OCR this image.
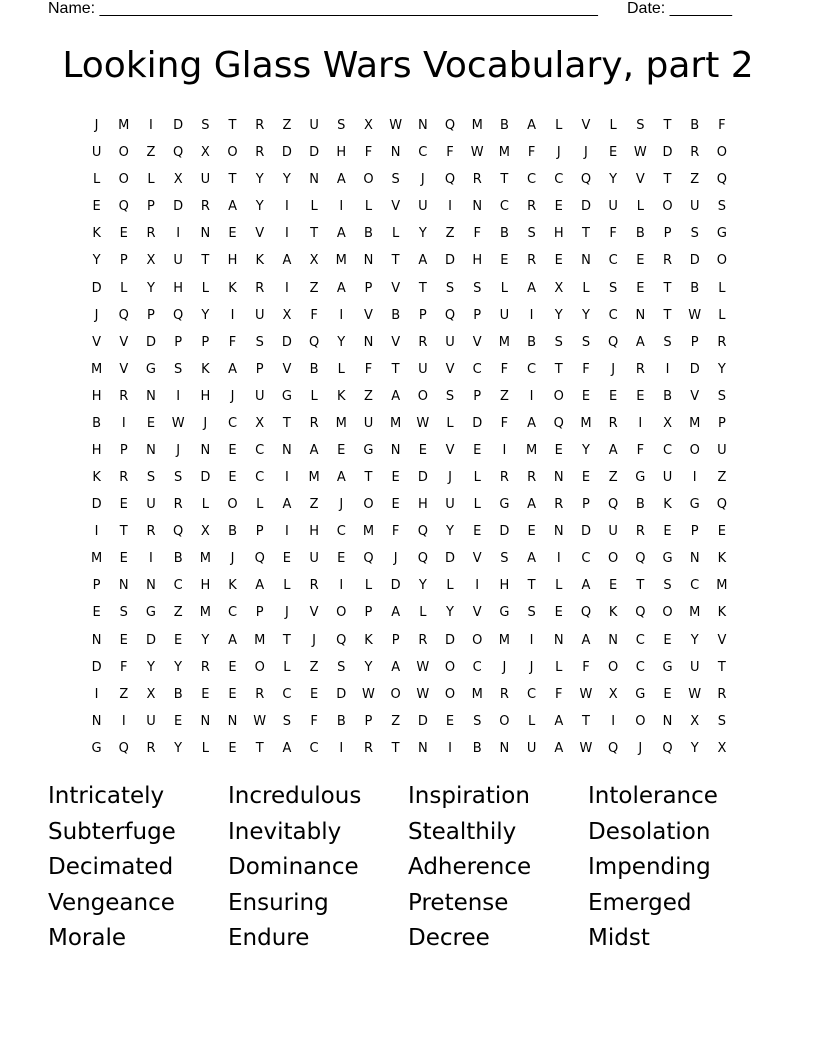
Name: ________________________________________________________ Date: _______
Looking Glass Wars Vocabulary, part 2
J	M	I	D	S	T	R	Z	U	S	X	W	N	Q	M	B	A	L	V	L	S	T	B	F
U	O	Z	Q	X	O	R	D	D	H	F	N	C	F	W	M	F	J	J	E	W	D	R	O
L	O	L	X	U	T	Y	Y	N	A	O	S	J	Q	R	T	C	C	Q	Y	V	T	Z	Q
E	Q	P	D	R	A	Y	I	L	I	L	V	U	I	N	C	R	E	D	U	L	O	U	S
K	E	R	I	N	E	V	I	T	A	B	L	Y	Z	F	B	S	H	T	F	B	P	S	G
Y	P	X	U	T	H	K	A	X	M	N	T	A	D	H	E	R	E	N	C	E	R	D	O
D	L	Y	H	L	K	R	I	Z	A	P	V	T	S	S	L	A	X	L	S	E	T	B	L
J	Q	P	Q	Y	I	U	X	F	I	V	B	P	Q	P	U	I	Y	Y	C	N	T	W	L
V	V	D	P	P	F	S	D	Q	Y	N	V	R	U	V	M	B	S	S	Q	A	S	P	R
M	V	G	S	K	A	P	V	B	L	F	T	U	V	C	F	C	T	F	J	R	I	D	Y
H	R	N	I	H	J	U	G	L	K	Z	A	O	S	P	Z	I	O	E	E	E	B	V	S
B	I	E	W	J	C	X	T	R	M	U	M	W	L	D	F	A	Q	M	R	I	X	M	P
H	P	N	J	N	E	C	N	A	E	G	N	E	V	E	I	M	E	Y	A	F	C	O	U
K	R	S	S	D	E	C	I	M	A	T	E	D	J	L	R	R	N	E	Z	G	U	I	Z
D	E	U	R	L	O	L	A	Z	J	O	E	H	U	L	G	A	R	P	Q	B	K	G	Q
I	T	R	Q	X	B	P	I	H	C	M	F	Q	Y	E	D	E	N	D	U	R	E	P	E
M	E	I	B	M	J	Q	E	U	E	Q	J	Q	D	V	S	A	I	C	O	Q	G	N	K
P	N	N	C	H	K	A	L	R	I	L	D	Y	L	I	H	T	L	A	E	T	S	C	M
E	S	G	Z	M	C	P	J	V	O	P	A	L	Y	V	G	S	E	Q	K	Q	O	M	K
N	E	D	E	Y	A	M	T	J	Q	K	P	R	D	O	M	I	N	A	N	C	E	Y	V
D	F	Y	Y	R	E	O	L	Z	S	Y	A	W	O	C	J	J	L	F	O	C	G	U	T
I	Z	X	B	E	E	R	C	E	D	W	O	W	O	M	R	C	F	W	X	G	E	W	R
N	I	U	E	N	N	W	S	F	B	P	Z	D	E	S	O	L	A	T	I	O	N	X	S
G	Q	R	Y	L	E	T	A	C	I	R	T	N	I	B	N	U	A	W	Q	J	Q	Y	X
Intricately	Incredulous	Inspiration	Intolerance
Subterfuge	Inevitably	Stealthily	Desolation
Decimated	Dominance	Adherence	Impending
Vengeance	Ensuring	Pretense	Emerged
Morale	Endure	Decree	Midst
